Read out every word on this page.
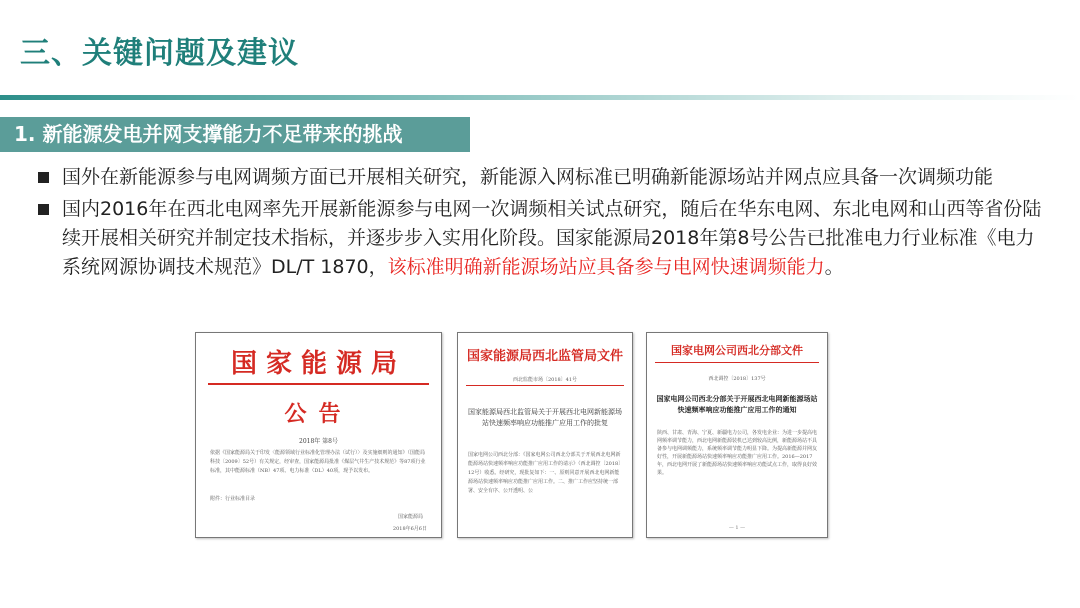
三、关键问题及建议
1. 新能源发电并网支撑能力不足带来的挑战
国外在新能源参与电网调频方面已开展相关研究，新能源入网标准已明确新能源场站并网点应具备一次调频功能
国内2016年在西北电网率先开展新能源参与电网一次调频相关试点研究，随后在华东电网、东北电网和山西等省份陆续开展相关研究并制定技术指标，并逐步步入实用化阶段。国家能源局2018年第8号公告已批准电力行业标准《电力系统网源协调技术规范》DL/T 1870，该标准明确新能源场站应具备参与电网快速调频能力。
国家能源局
公告
2018年 第8号
依据《国家能源局关于印发〈能源领域行业标准化管理办法（试行）〉及实施细则的通知》（国能局科技〔2009〕52号）有关规定，经审查，国家能源局批准《煤层气井生产技术规范》等87项行业标准，其中能源标准（NB）47项、电力标准（DL）40项，现予以发布。
附件：行业标准目录
国家能源局
2018年6月6日
国家能源局西北监管局文件
西北监能市场〔2018〕41号
国家能源局西北监管局关于开展西北电网新能源场站快速频率响应功能推广应用工作的批复
国家电网公司西北分部：《国家电网公司西北分部关于开展西北电网新能源场站快速频率响应功能推广应用工作的请示》（西北调控〔2018〕12号）收悉。经研究，现批复如下：一、原则同意开展西北电网新能源场站快速频率响应功能推广应用工作。二、推广工作应坚持统一部署、安全有序、公开透明、公
国家电网公司西北分部文件
西北调控〔2018〕137号
国家电网公司西北分部关于开展西北电网新能源场站快速频率响应功能推广应用工作的通知
陕西、甘肃、青海、宁夏、新疆电力公司，各发电企业：为进一步提高电网频率调节能力，西北电网新能源装机已达到较高比例，新能源场站不具备参与电网调频能力，系统频率调节能力明显下降。为提高新能源并网友好性，开展新能源场站快速频率响应功能推广应用工作。2016—2017年，西北电网开展了新能源场站快速频率响应功能试点工作，取得良好效果。
— 1 —
